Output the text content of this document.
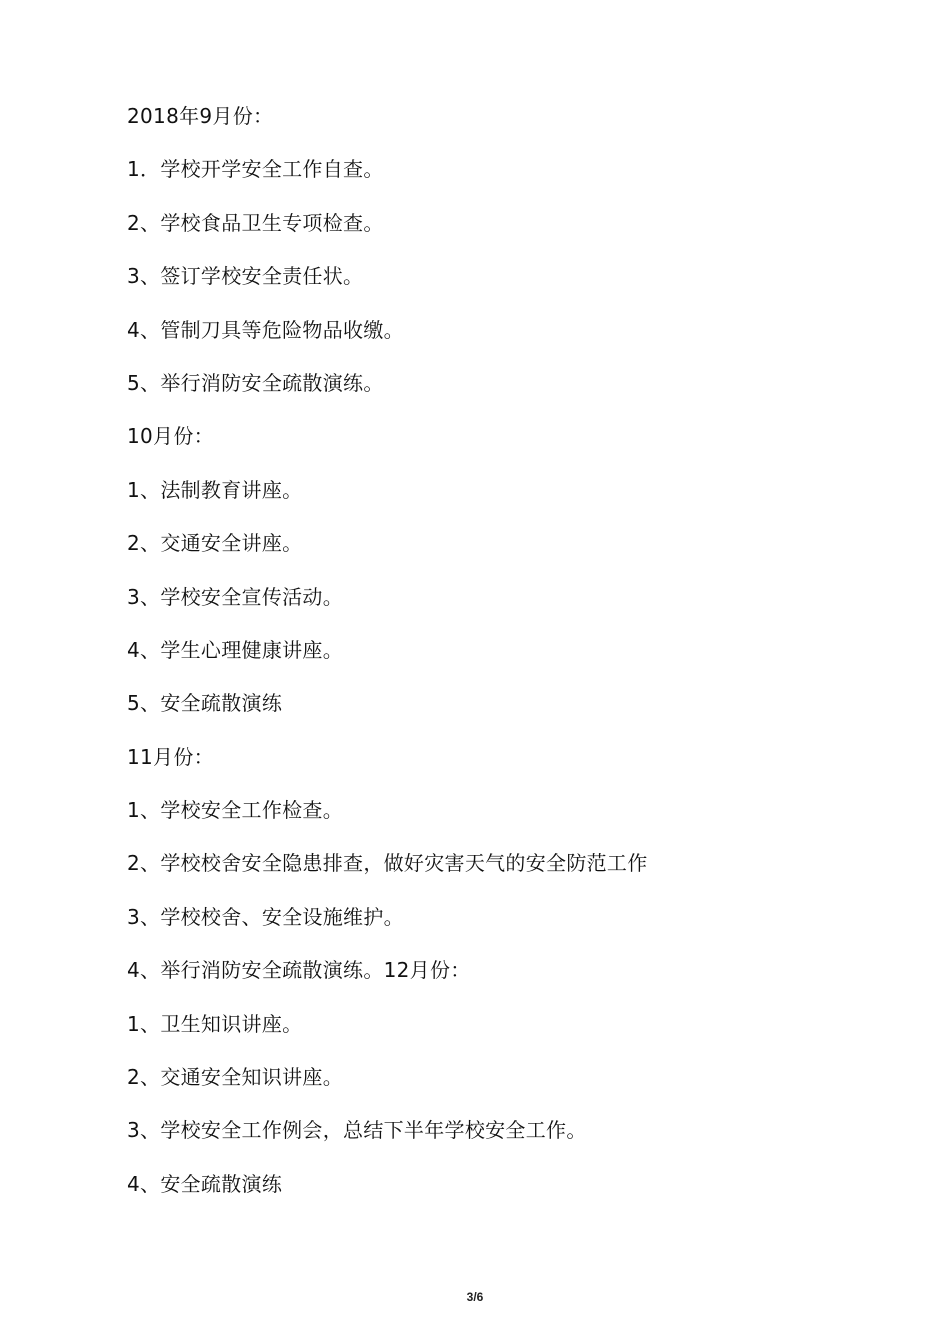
2018年9月份：
1．学校开学安全工作自查。
2、学校食品卫生专项检查。
3、签订学校安全责任状。
4、管制刀具等危险物品收缴。
5、举行消防安全疏散演练。
10月份：
1、法制教育讲座。
2、交通安全讲座。
3、学校安全宣传活动。
4、学生心理健康讲座。
5、安全疏散演练
11月份：
1、学校安全工作检查。
2、学校校舍安全隐患排查，做好灾害天气的安全防范工作
3、学校校舍、安全设施维护。
4、举行消防安全疏散演练。12月份：
1、卫生知识讲座。
2、交通安全知识讲座。
3、学校安全工作例会，总结下半年学校安全工作。
4、安全疏散演练
3/6
